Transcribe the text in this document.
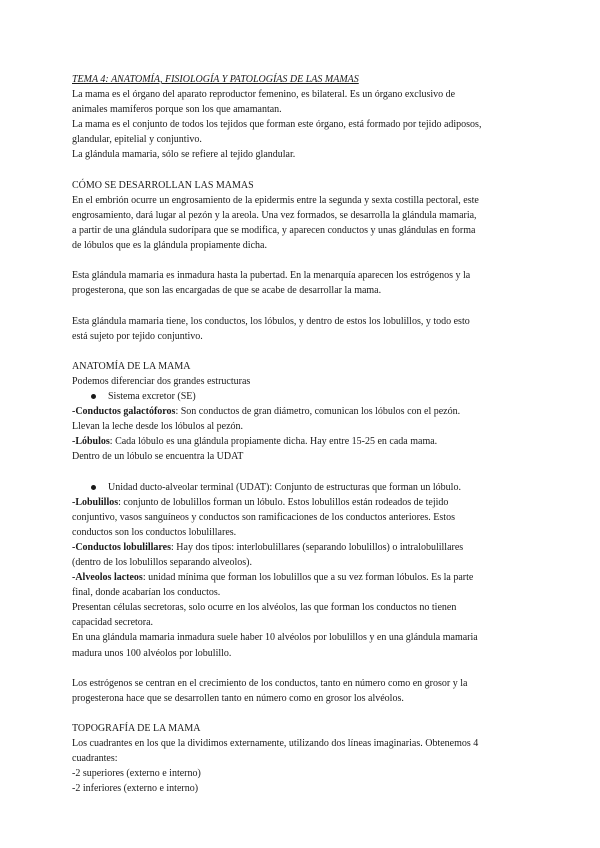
TEMA 4: ANATOMÍA, FISIOLOGÍA Y PATOLOGÍAS DE LAS MAMAS
La mama es el órgano del aparato reproductor femenino, es bilateral. Es un órgano exclusivo de
animales mamíferos porque son los que amamantan.
La mama es el conjunto de todos los tejidos que forman este órgano, está formado por tejido adiposos,
glandular, epitelial y conjuntivo.
La glándula mamaria, sólo se refiere al tejido glandular.
CÓMO SE DESARROLLAN LAS MAMAS
En el embrión ocurre un engrosamiento de la epidermis entre la segunda y sexta costilla pectoral, este
engrosamiento, dará lugar al pezón y la areola. Una vez formados, se desarrolla la glándula mamaria,
a partir de una glándula sudorípara que se modifica, y aparecen conductos y unas glándulas en forma
de lóbulos que es la glándula propiamente dicha.
Esta glándula mamaria es inmadura hasta la pubertad. En la menarquía aparecen los estrógenos y la
progesterona, que son las encargadas de que se acabe de desarrollar la mama.
Esta glándula mamaria tiene, los conductos, los lóbulos, y dentro de estos los lobulillos, y todo esto
está sujeto por tejido conjuntivo.
ANATOMÍA DE LA MAMA
Podemos diferenciar dos grandes estructuras
Sistema excretor (SE)
-Conductos galactóforos: Son conductos de gran diámetro, comunican los lóbulos con el pezón.
Llevan la leche desde los lóbulos al pezón.
-Lóbulos: Cada lóbulo es una glándula propiamente dicha. Hay entre 15-25 en cada mama.
Dentro de un lóbulo se encuentra la UDAT
Unidad ducto-alveolar terminal (UDAT): Conjunto de estructuras que forman un lóbulo.
-Lobulillos: conjunto de lobulillos forman un lóbulo. Estos lobulillos están rodeados de tejido
conjuntivo, vasos sanguíneos y conductos son ramificaciones de los conductos anteriores. Estos
conductos son los conductos lobulillares.
-Conductos lobulillares: Hay dos tipos: interlobulillares (separando lobulillos) o intralobulillares
(dentro de los lobulillos separando alveolos).
-Alveolos lacteos: unidad mínima que forman los lobulillos que a su vez forman lóbulos. Es la parte
final, donde acabarían los conductos.
Presentan células secretoras, solo ocurre en los alvéolos, las que forman los conductos no tienen
capacidad secretora.
En una glándula mamaria inmadura suele haber 10 alvéolos por lobulillos y en una glándula mamaria
madura unos 100 alvéolos por lobulillo.
Los estrógenos se centran en el crecimiento de los conductos, tanto en número como en grosor y la
progesterona hace que se desarrollen tanto en número como en grosor los alvéolos.
TOPOGRAFÍA DE LA MAMA
Los cuadrantes en los que la dividimos externamente, utilizando dos líneas imaginarias. Obtenemos 4
cuadrantes:
-2 superiores (externo e interno)
-2 inferiores (externo e interno)
